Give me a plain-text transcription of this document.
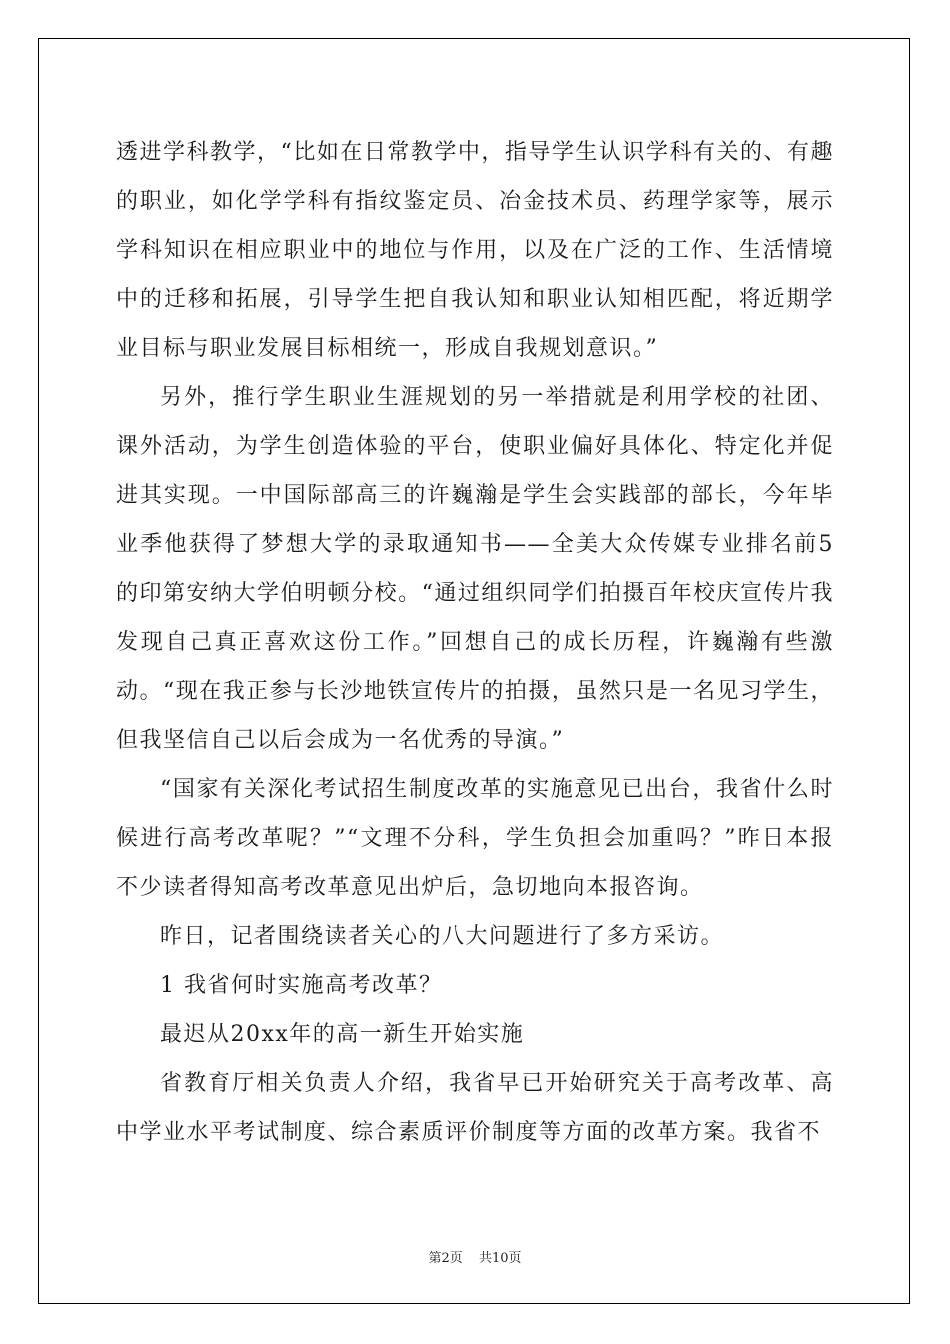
透进学科教学，“比如在日常教学中，指导学生认识学科有关的、有趣的职业，如化学学科有指纹鉴定员、冶金技术员、药理学家等，展示学科知识在相应职业中的地位与作用，以及在广泛的工作、生活情境中的迁移和拓展，引导学生把自我认知和职业认知相匹配，将近期学业目标与职业发展目标相统一，形成自我规划意识。”

另外，推行学生职业生涯规划的另一举措就是利用学校的社团、课外活动，为学生创造体验的平台，使职业偏好具体化、特定化并促进其实现。一中国际部高三的许巍瀚是学生会实践部的部长，今年毕业季他获得了梦想大学的录取通知书——全美大众传媒专业排名前5的印第安纳大学伯明顿分校。“通过组织同学们拍摄百年校庆宣传片我发现自己真正喜欢这份工作。”回想自己的成长历程，许巍瀚有些激动。“现在我正参与长沙地铁宣传片的拍摄，虽然只是一名见习学生，但我坚信自己以后会成为一名优秀的导演。”

“国家有关深化考试招生制度改革的实施意见已出台，我省什么时候进行高考改革呢？”“文理不分科，学生负担会加重吗？”昨日本报不少读者得知高考改革意见出炉后，急切地向本报咨询。

昨日，记者围绕读者关心的八大问题进行了多方采访。

1 我省何时实施高考改革？

最迟从20xx年的高一新生开始实施

省教育厅相关负责人介绍，我省早已开始研究关于高考改革、高中学业水平考试制度、综合素质评价制度等方面的改革方案。我省不

第2页 共10页
